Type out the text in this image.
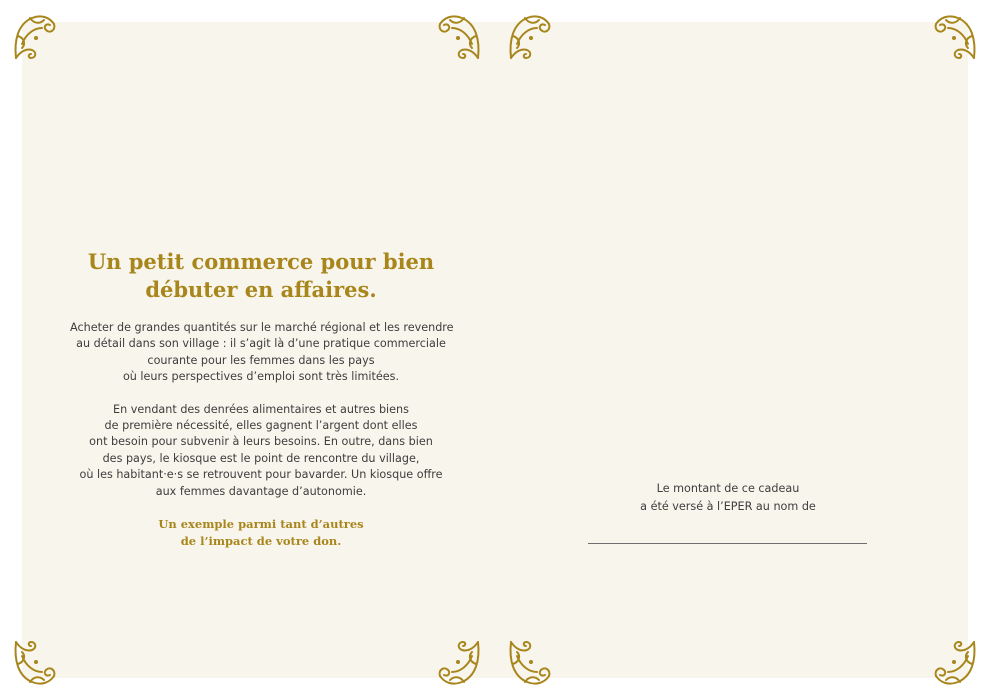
Un petit commerce pour bien
débuter en affaires.

Acheter de grandes quantités sur le marché régional et les revendre
au détail dans son village : il s’agit là d’une pratique commerciale
courante pour les femmes dans les pays
où leurs perspectives d’emploi sont très limitées.

En vendant des denrées alimentaires et autres biens
de première nécessité, elles gagnent l’argent dont elles
ont besoin pour subvenir à leurs besoins. En outre, dans bien
des pays, le kiosque est le point de rencontre du village,
où les habitant·e·s se retrouvent pour bavarder. Un kiosque offre
aux femmes davantage d’autonomie.

Un exemple parmi tant d’autres
de l’impact de votre don.

Le montant de ce cadeau
a été versé à l’EPER au nom de
